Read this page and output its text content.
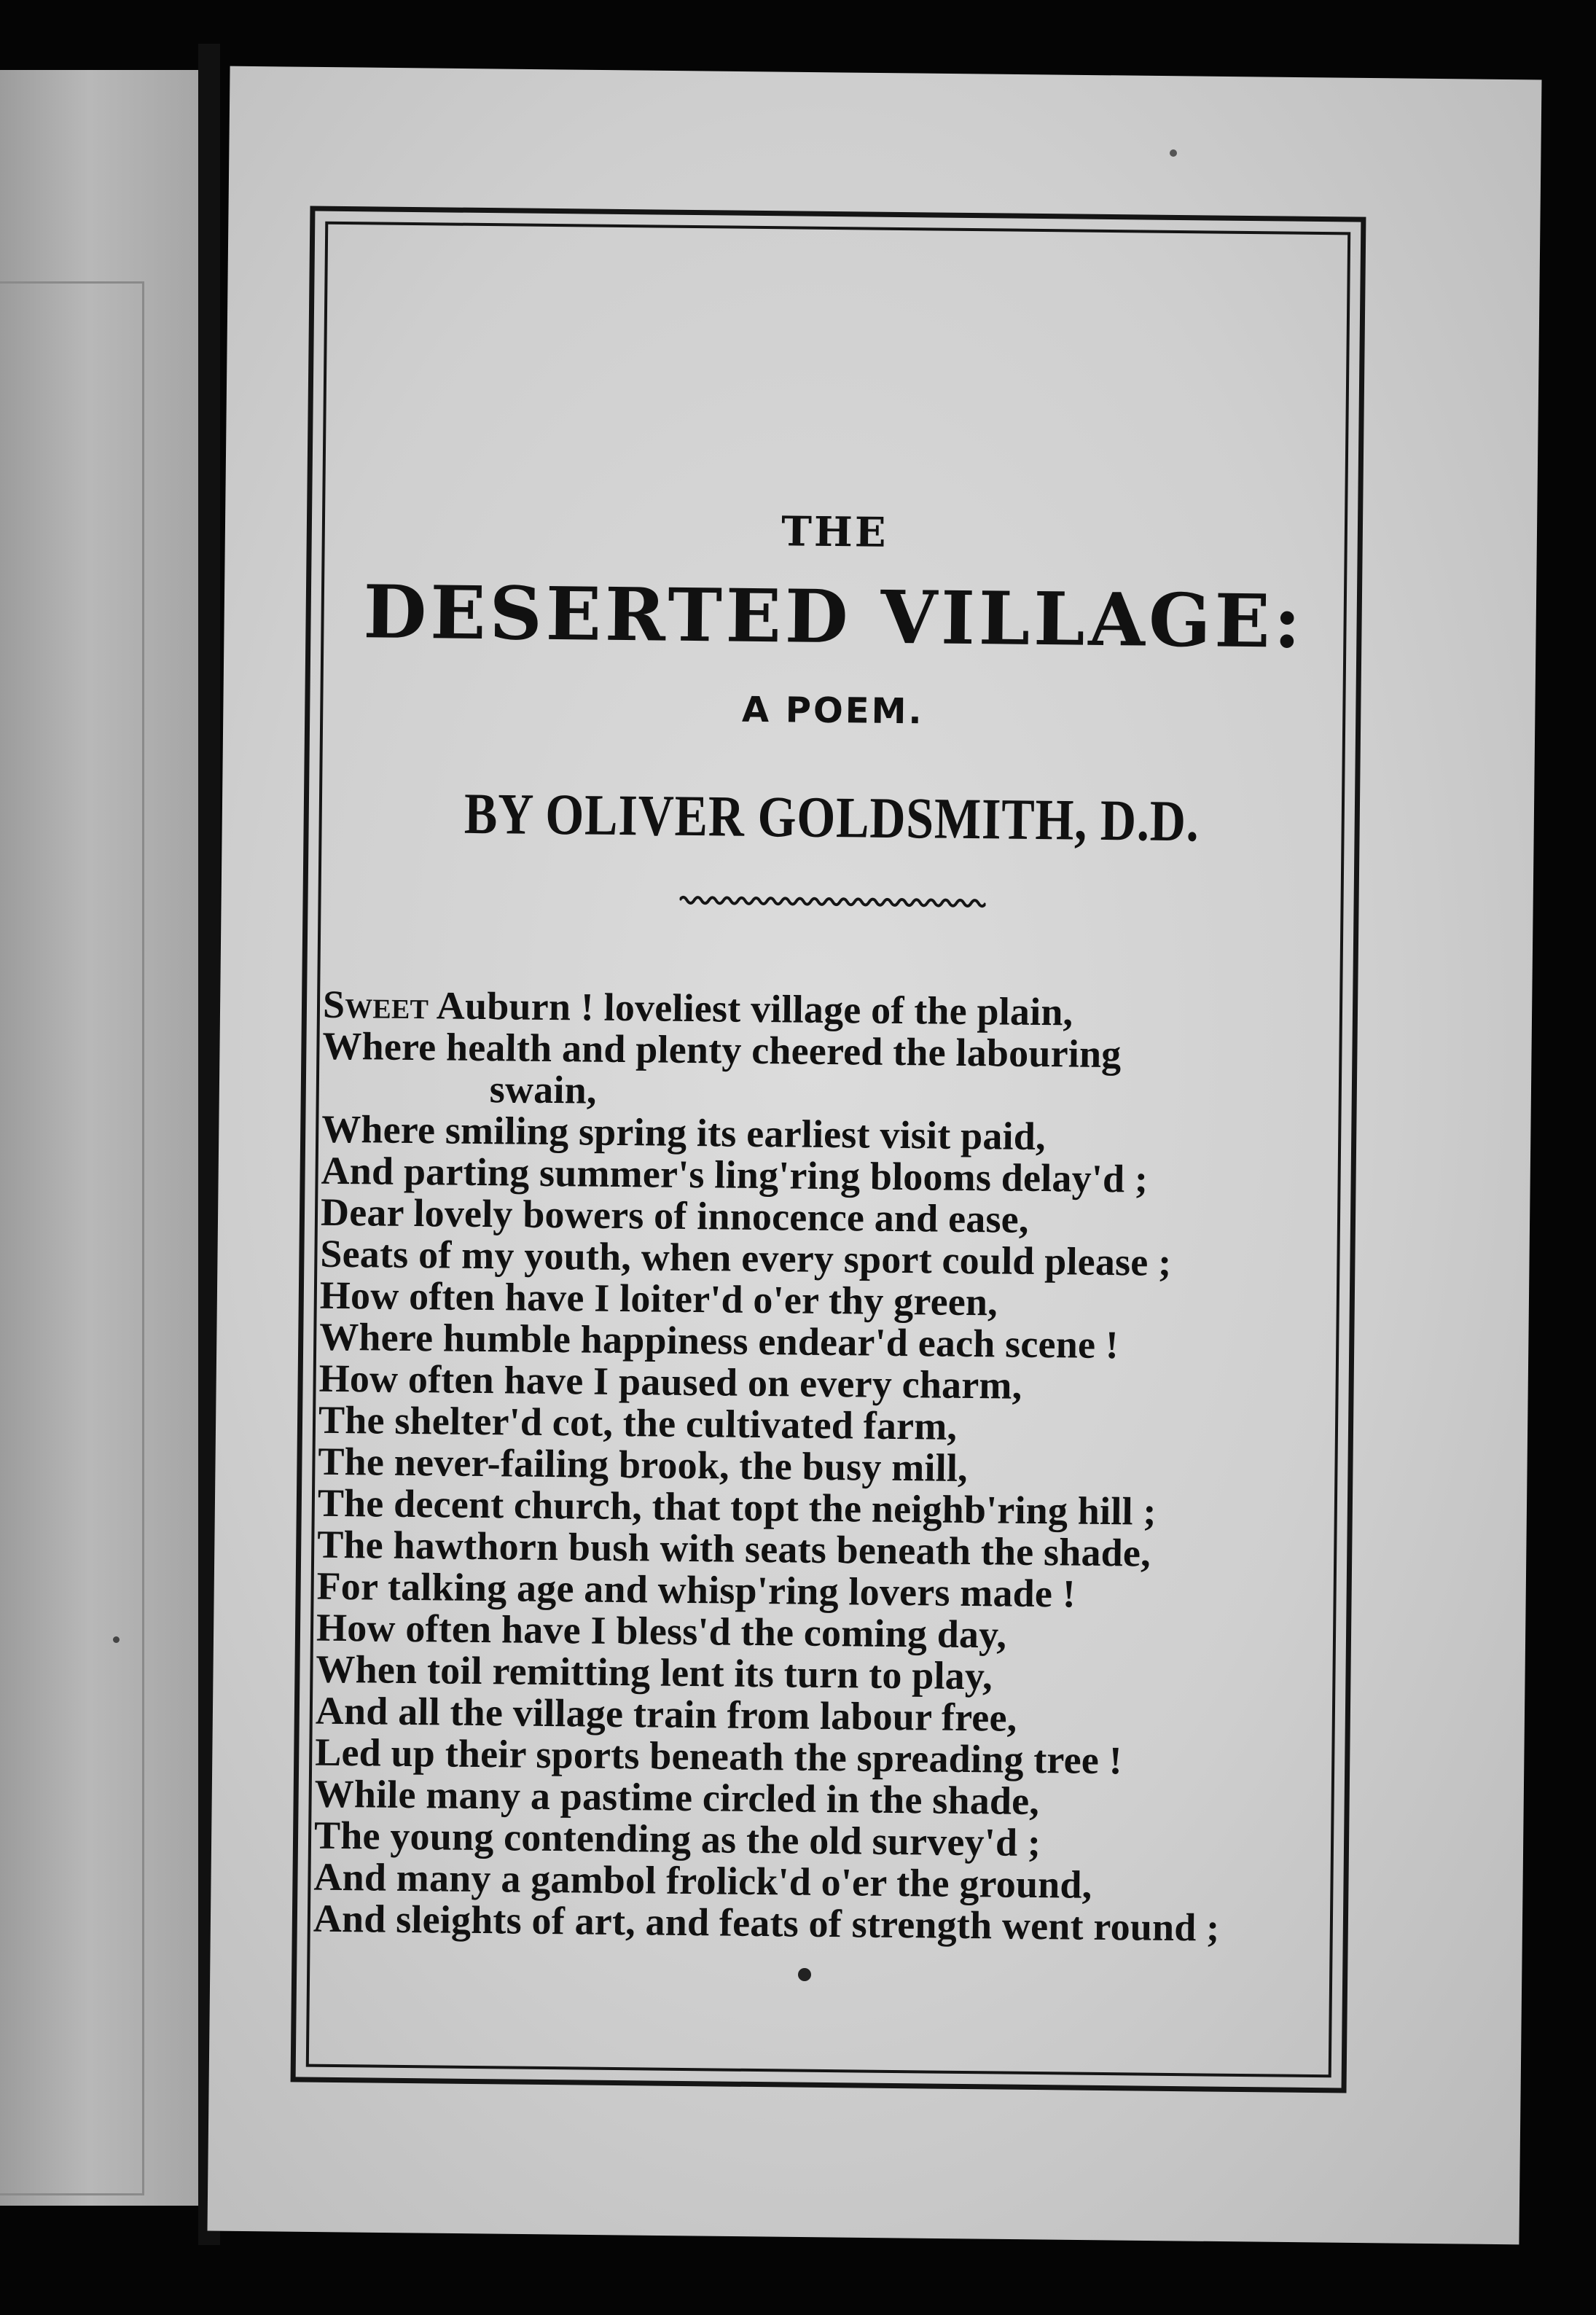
THE
DESERTED VILLAGE:
A POEM.
BY OLIVER GOLDSMITH, D.D.
Sweet Auburn ! loveliest village of the plain,
Where health and plenty cheered the labouring
swain,
Where smiling spring its earliest visit paid,
And parting summer's ling'ring blooms delay'd ;
Dear lovely bowers of innocence and ease,
Seats of my youth, when every sport could please ;
How often have I loiter'd o'er thy green,
Where humble happiness endear'd each scene !
How often have I paused on every charm,
The shelter'd cot, the cultivated farm,
The never-failing brook, the busy mill,
The decent church, that topt the neighb'ring hill ;
The hawthorn bush with seats beneath the shade,
For talking age and whisp'ring lovers made !
How often have I bless'd the coming day,
When toil remitting lent its turn to play,
And all the village train from labour free,
Led up their sports beneath the spreading tree !
While many a pastime circled in the shade,
The young contending as the old survey'd ;
And many a gambol frolick'd o'er the ground,
And sleights of art, and feats of strength went round ;
